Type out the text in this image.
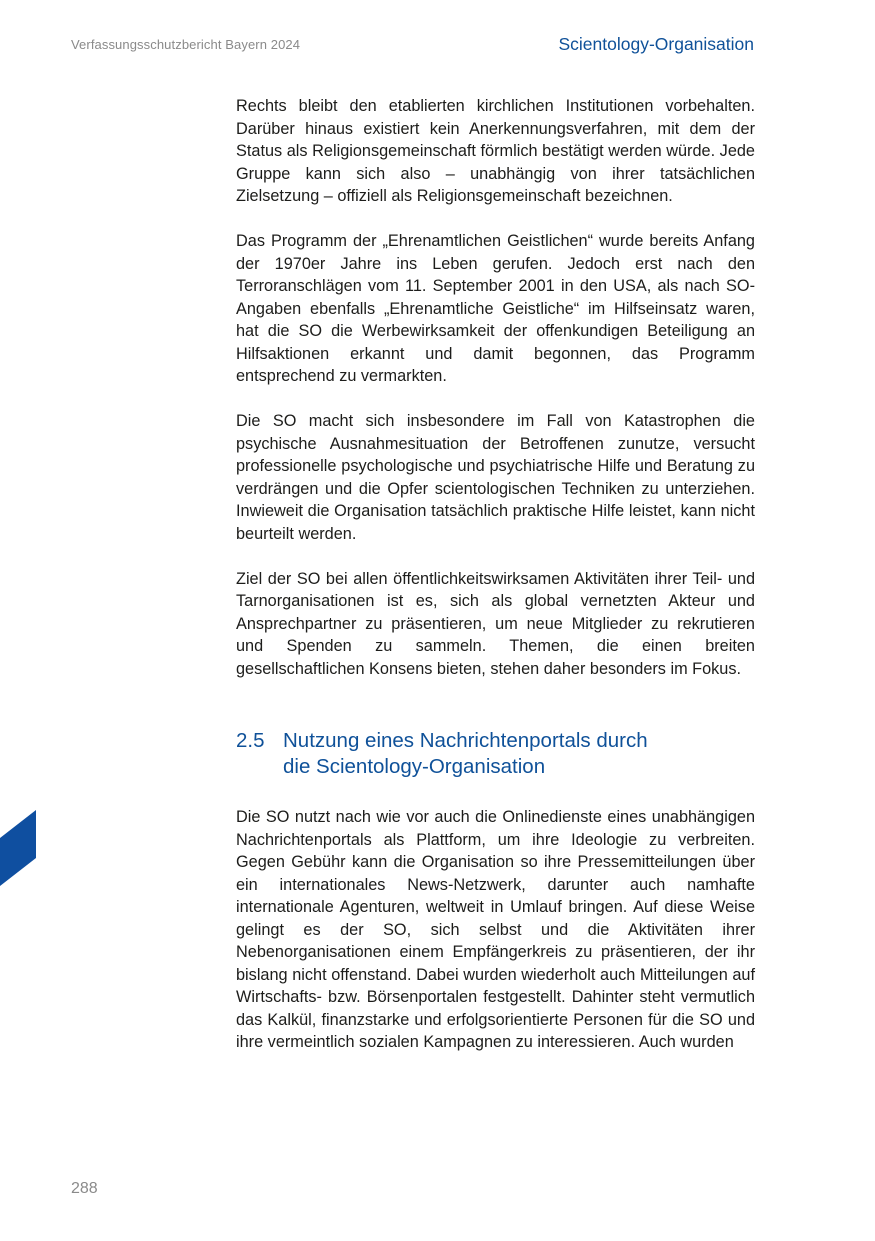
Verfassungsschutzbericht Bayern 2024	Scientology-Organisation

Rechts bleibt den etablierten kirchlichen Institutionen vorbehalten. Darüber hinaus existiert kein Anerkennungsverfahren, mit dem der Status als Religionsgemeinschaft förmlich bestätigt werden würde. Jede Gruppe kann sich also – unabhängig von ihrer tatsächlichen Zielsetzung – offiziell als Religionsgemeinschaft bezeichnen.

Das Programm der „Ehrenamtlichen Geistlichen“ wurde bereits Anfang der 1970er Jahre ins Leben gerufen. Jedoch erst nach den Terroranschlägen vom 11. September 2001 in den USA, als nach SO-Angaben ebenfalls „Ehrenamtliche Geistliche“ im Hilfseinsatz waren, hat die SO die Werbewirksamkeit der offenkundigen Beteiligung an Hilfsaktionen erkannt und damit begonnen, das Programm entsprechend zu vermarkten.

Die SO macht sich insbesondere im Fall von Katastrophen die psychische Ausnahmesituation der Betroffenen zunutze, versucht professionelle psychologische und psychiatrische Hilfe und Beratung zu verdrängen und die Opfer scientologischen Techniken zu unterziehen. Inwieweit die Organisation tatsächlich praktische Hilfe leistet, kann nicht beurteilt werden.

Ziel der SO bei allen öffentlichkeitswirksamen Aktivitäten ihrer Teil- und Tarnorganisationen ist es, sich als global vernetzten Akteur und Ansprechpartner zu präsentieren, um neue Mitglieder zu rekrutieren und Spenden zu sammeln. Themen, die einen breiten gesellschaftlichen Konsens bieten, stehen daher besonders im Fokus.

2.5 Nutzung eines Nachrichtenportals durch
die Scientology-Organisation

Die SO nutzt nach wie vor auch die Onlinedienste eines unabhängigen Nachrichtenportals als Plattform, um ihre Ideologie zu verbreiten. Gegen Gebühr kann die Organisation so ihre Pressemitteilungen über ein internationales News-Netzwerk, darunter auch namhafte internationale Agenturen, weltweit in Umlauf bringen. Auf diese Weise gelingt es der SO, sich selbst und die Aktivitäten ihrer Nebenorganisationen einem Empfängerkreis zu präsentieren, der ihr bislang nicht offenstand. Dabei wurden wiederholt auch Mitteilungen auf Wirtschafts- bzw. Börsenportalen festgestellt. Dahinter steht vermutlich das Kalkül, finanzstarke und erfolgsorientierte Personen für die SO und ihre vermeintlich sozialen Kampagnen zu interessieren. Auch wurden

288
